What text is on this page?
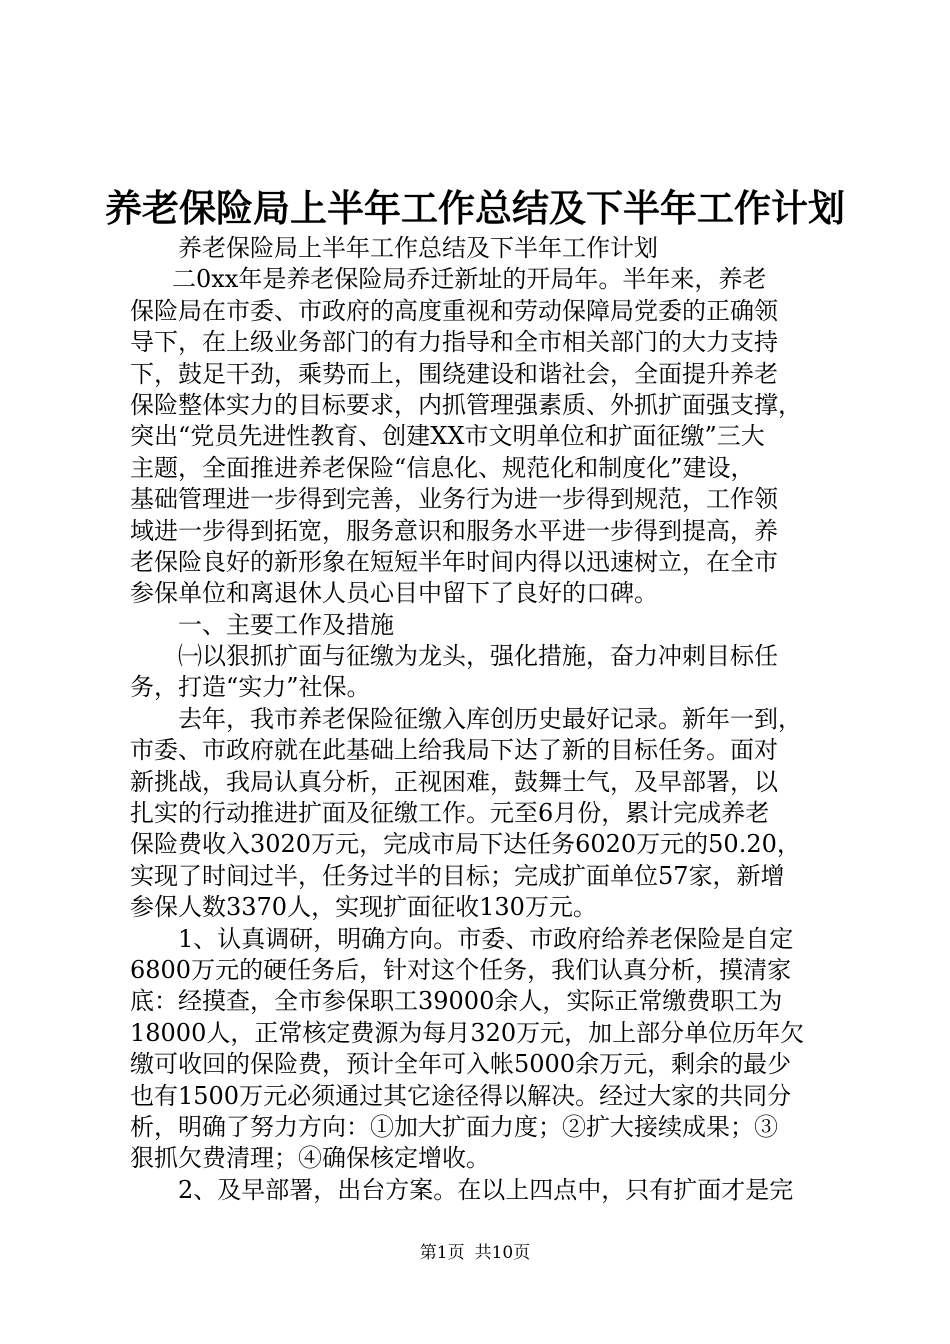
养老保险局上半年工作总结及下半年工作计划
养老保险局上半年工作总结及下半年工作计划
二0xx年是养老保险局乔迁新址的开局年。半年来，养老
保险局在市委、市政府的高度重视和劳动保障局党委的正确领
导下，在上级业务部门的有力指导和全市相关部门的大力支持
下，鼓足干劲，乘势而上，围绕建设和谐社会，全面提升养老
保险整体实力的目标要求，内抓管理强素质、外抓扩面强支撑，
突出“党员先进性教育、创建XX市文明单位和扩面征缴”三大
主题，全面推进养老保险“信息化、规范化和制度化”建设，
基础管理进一步得到完善，业务行为进一步得到规范，工作领
域进一步得到拓宽，服务意识和服务水平进一步得到提高，养
老保险良好的新形象在短短半年时间内得以迅速树立，在全市
参保单位和离退休人员心目中留下了良好的口碑。
一、主要工作及措施
㈠以狠抓扩面与征缴为龙头，强化措施，奋力冲刺目标任
务，打造“实力”社保。
去年，我市养老保险征缴入库创历史最好记录。新年一到，
市委、市政府就在此基础上给我局下达了新的目标任务。面对
新挑战，我局认真分析，正视困难，鼓舞士气，及早部署，以
扎实的行动推进扩面及征缴工作。元至6月份，累计完成养老
保险费收入3020万元，完成市局下达任务6020万元的50.20，
实现了时间过半，任务过半的目标；完成扩面单位57家，新增
参保人数3370人，实现扩面征收130万元。
1、认真调研，明确方向。市委、市政府给养老保险是自定
6800万元的硬任务后，针对这个任务，我们认真分析，摸清家
底：经摸查，全市参保职工39000余人，实际正常缴费职工为
18000人，正常核定费源为每月320万元，加上部分单位历年欠
缴可收回的保险费，预计全年可入帐5000余万元，剩余的最少
也有1500万元必须通过其它途径得以解决。经过大家的共同分
析，明确了努力方向：①加大扩面力度；②扩大接续成果；③
狠抓欠费清理；④确保核定增收。
2、及早部署，出台方案。在以上四点中，只有扩面才是完
第1页 共10页
